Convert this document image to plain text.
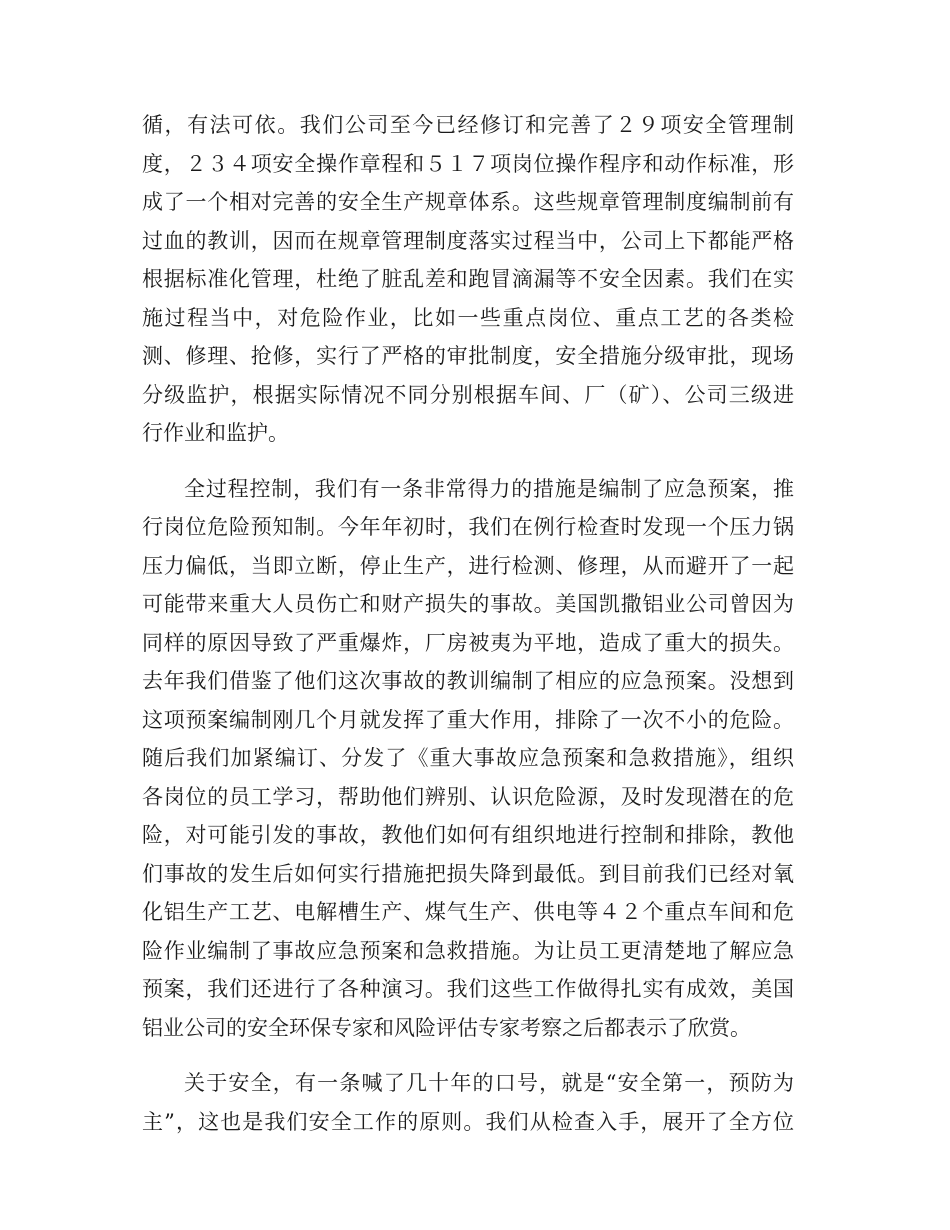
循，有法可依。我们公司至今已经修订和完善了２９项安全管理制
度，２３４项安全操作章程和５１７项岗位操作程序和动作标准，形
成了一个相对完善的安全生产规章体系。这些规章管理制度编制前有
过血的教训，因而在规章管理制度落实过程当中，公司上下都能严格
根据标准化管理，杜绝了脏乱差和跑冒滴漏等不安全因素。我们在实
施过程当中，对危险作业，比如一些重点岗位、重点工艺的各类检
测、修理、抢修，实行了严格的审批制度，安全措施分级审批，现场
分级监护，根据实际情况不同分别根据车间、厂（矿）、公司三级进
行作业和监护。
全过程控制，我们有一条非常得力的措施是编制了应急预案，推
行岗位危险预知制。今年年初时，我们在例行检查时发现一个压力锅
压力偏低，当即立断，停止生产，进行检测、修理，从而避开了一起
可能带来重大人员伤亡和财产损失的事故。美国凯撒铝业公司曾因为
同样的原因导致了严重爆炸，厂房被夷为平地，造成了重大的损失。
去年我们借鉴了他们这次事故的教训编制了相应的应急预案。没想到
这项预案编制刚几个月就发挥了重大作用，排除了一次不小的危险。
随后我们加紧编订、分发了《重大事故应急预案和急救措施》，组织
各岗位的员工学习，帮助他们辨别、认识危险源，及时发现潜在的危
险，对可能引发的事故，教他们如何有组织地进行控制和排除，教他
们事故的发生后如何实行措施把损失降到最低。到目前我们已经对氧
化铝生产工艺、电解槽生产、煤气生产、供电等４２个重点车间和危
险作业编制了事故应急预案和急救措施。为让员工更清楚地了解应急
预案，我们还进行了各种演习。我们这些工作做得扎实有成效，美国
铝业公司的安全环保专家和风险评估专家考察之后都表示了欣赏。
关于安全，有一条喊了几十年的口号，就是“安全第一，预防为
主”，这也是我们安全工作的原则。我们从检查入手，展开了全方位
